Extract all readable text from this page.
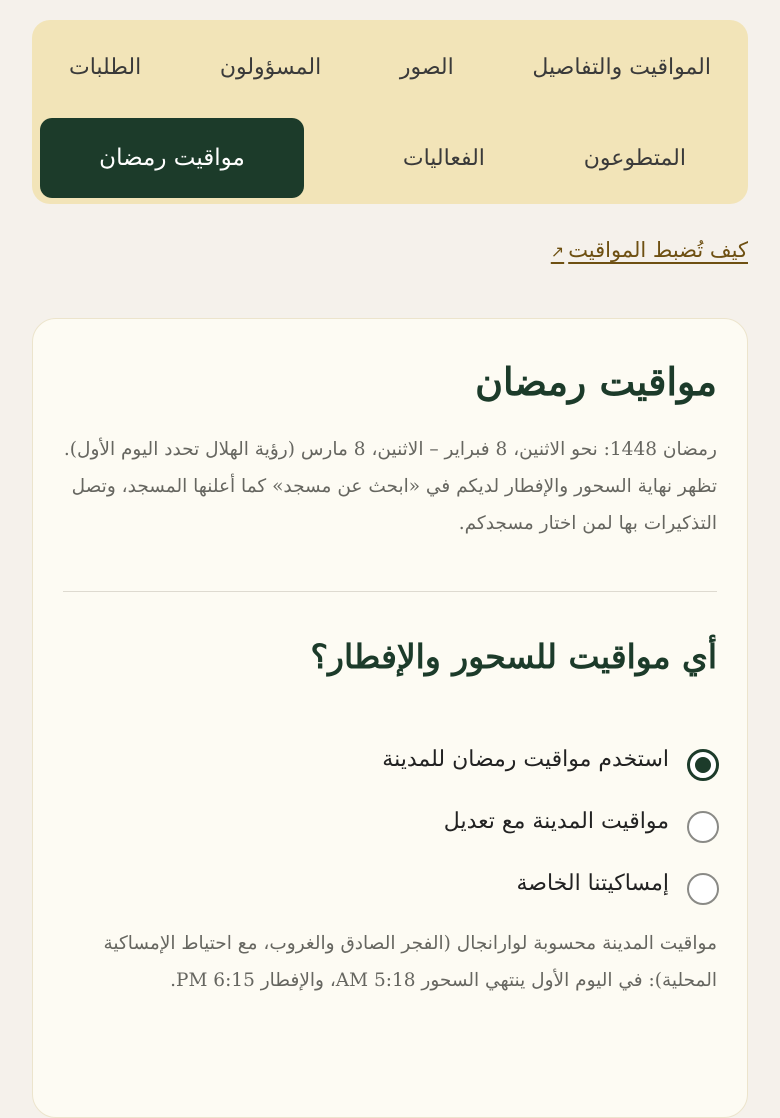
المواقيت والتفاصيل
الصور
المسؤولون
الطلبات
المتطوعون
الفعاليات
مواقيت رمضان
كيف تُضبط المواقيت↗
مواقيت رمضان

رمضان 1448: نحو الاثنين، 8 فبراير – الاثنين، 8 مارس (رؤية الهلال تحدد اليوم الأول). تظهر نهاية السحور والإفطار لديكم في «ابحث عن مسجد» كما أعلنها المسجد، وتصل التذكيرات بها لمن اختار مسجدكم.

أي مواقيت للسحور والإفطار؟
استخدم مواقيت رمضان للمدينة
مواقيت المدينة مع تعديل
إمساكيتنا الخاصة

مواقيت المدينة محسوبة لوارانجال (الفجر الصادق والغروب، مع احتياط الإمساكية المحلية): في اليوم الأول ينتهي السحور 5:18 AM، والإفطار 6:15 PM.
